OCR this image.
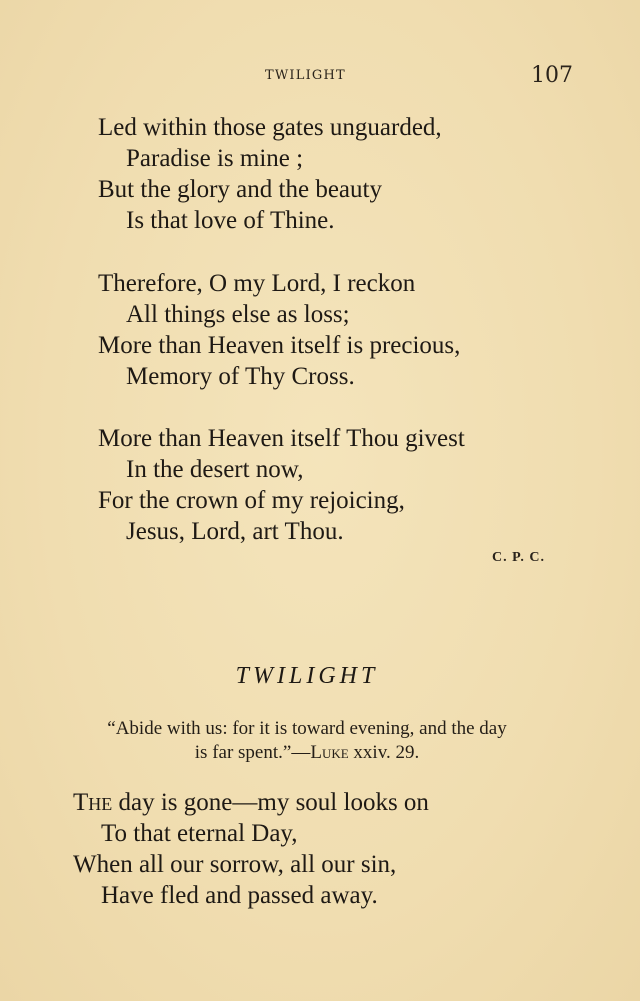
TWILIGHT	107
Led within those gates unguarded,
Paradise is mine ;
But the glory and the beauty
Is that love of Thine.
Therefore, O my Lord, I reckon
All things else as loss;
More than Heaven itself is precious,
Memory of Thy Cross.
More than Heaven itself Thou givest
In the desert now,
For the crown of my rejoicing,
Jesus, Lord, art Thou.
C. P. C.
TWILIGHT
“Abide with us: for it is toward evening, and the day
is far spent.”—Luke xxiv. 29.
The day is gone—my soul looks on
To that eternal Day,
When all our sorrow, all our sin,
Have fled and passed away.
